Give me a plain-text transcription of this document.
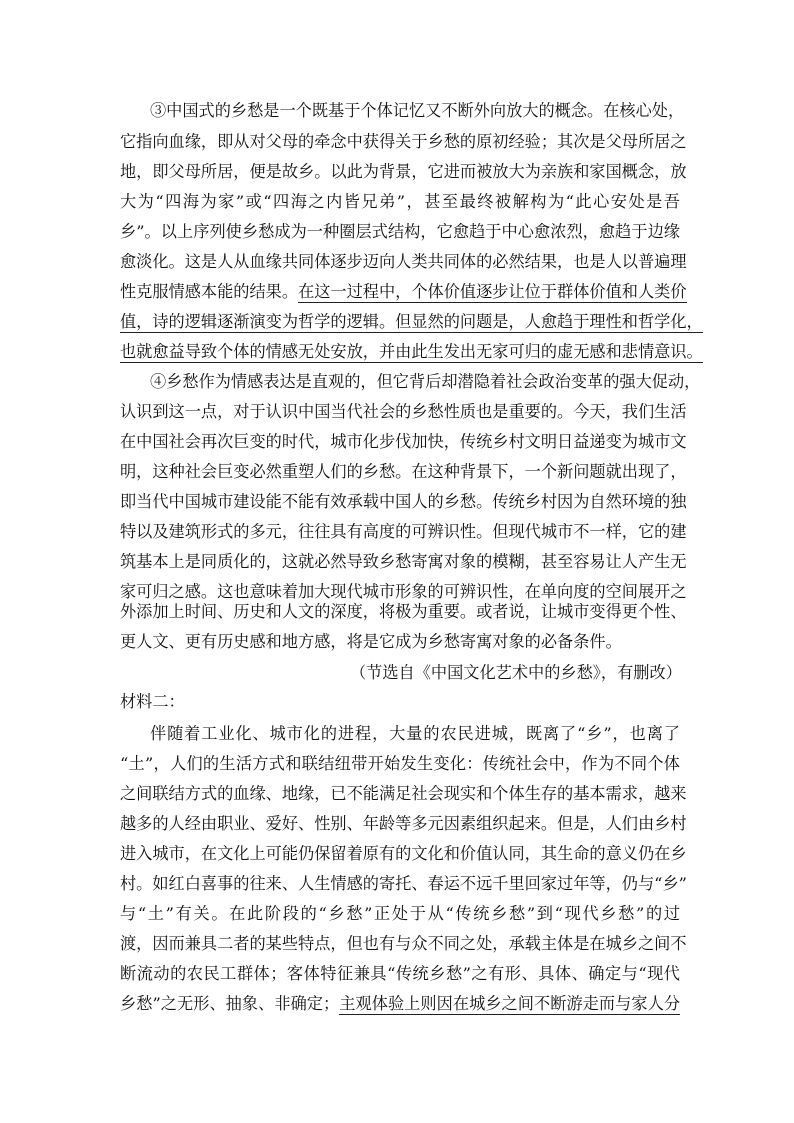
③中国式的乡愁是一个既基于个体记忆又不断外向放大的概念。在核心处，
它指向血缘，即从对父母的牵念中获得关于乡愁的原初经验；其次是父母所居之
地，即父母所居，便是故乡。以此为背景，它进而被放大为亲族和家国概念，放
大为“四海为家”或“四海之内皆兄弟”，甚至最终被解构为“此心安处是吾
乡”。以上序列使乡愁成为一种圈层式结构，它愈趋于中心愈浓烈，愈趋于边缘
愈淡化。这是人从血缘共同体逐步迈向人类共同体的必然结果，也是人以普遍理
性克服情感本能的结果。在这一过程中，个体价值逐步让位于群体价值和人类价
值，诗的逻辑逐渐演变为哲学的逻辑。但显然的问题是，人愈趋于理性和哲学化，
也就愈益导致个体的情感无处安放，并由此生发出无家可归的虚无感和悲情意识。
④乡愁作为情感表达是直观的，但它背后却潜隐着社会政治变革的强大促动，
认识到这一点，对于认识中国当代社会的乡愁性质也是重要的。今天，我们生活
在中国社会再次巨变的时代，城市化步伐加快，传统乡村文明日益递变为城市文
明，这种社会巨变必然重塑人们的乡愁。在这种背景下，一个新问题就出现了，
即当代中国城市建设能不能有效承载中国人的乡愁。传统乡村因为自然环境的独
特以及建筑形式的多元，往往具有高度的可辨识性。但现代城市不一样，它的建
筑基本上是同质化的，这就必然导致乡愁寄寓对象的模糊，甚至容易让人产生无
家可归之感。这也意味着加大现代城市形象的可辨识性，在单向度的空间展开之
外添加上时间、历史和人文的深度，将极为重要。或者说，让城市变得更个性、
更人文、更有历史感和地方感，将是它成为乡愁寄寓对象的必备条件。
（节选自《中国文化艺术中的乡愁》，有删改）
材料二：
伴随着工业化、城市化的进程，大量的农民进城，既离了“乡”，也离了
“土”，人们的生活方式和联结纽带开始发生变化：传统社会中，作为不同个体
之间联结方式的血缘、地缘，已不能满足社会现实和个体生存的基本需求，越来
越多的人经由职业、爱好、性别、年龄等多元因素组织起来。但是，人们由乡村
进入城市，在文化上可能仍保留着原有的文化和价值认同，其生命的意义仍在乡
村。如红白喜事的往来、人生情感的寄托、春运不远千里回家过年等，仍与“乡”
与“土”有关。在此阶段的“乡愁”正处于从“传统乡愁”到“现代乡愁”的过
渡，因而兼具二者的某些特点，但也有与众不同之处，承载主体是在城乡之间不
断流动的农民工群体；客体特征兼具“传统乡愁”之有形、具体、确定与“现代
乡愁”之无形、抽象、非确定；主观体验上则因在城乡之间不断游走而与家人分
